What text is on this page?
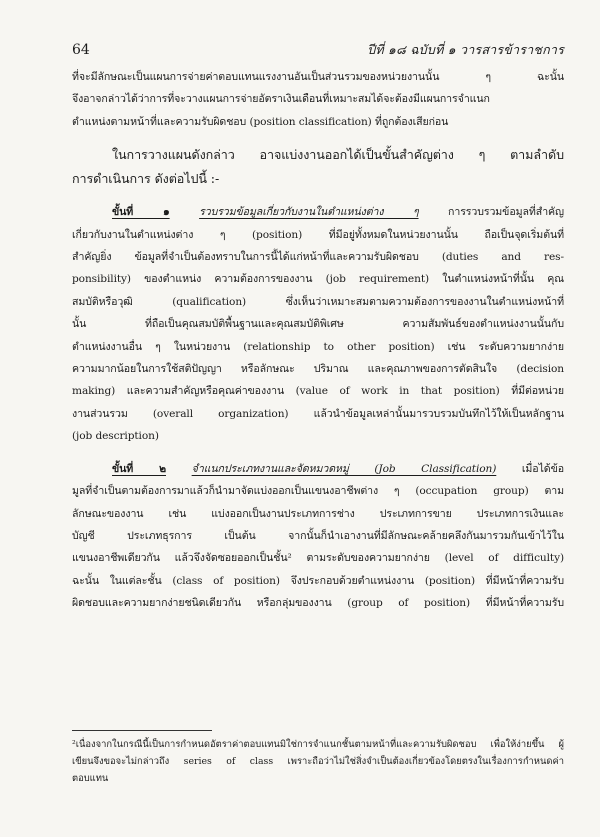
64	ปีที่ ๑๘ ฉบับที่ ๑ วารสารข้าราชการ
ที่จะมีลักษณะเป็นแผนการจ่ายค่าตอบแทนแรงงานอันเป็นส่วนรวมของหน่วยงานนั้น ๆ ฉะนั้น
จึงอาจกล่าวได้ว่าการที่จะวางแผนการจ่ายอัตราเงินเดือนที่เหมาะสมได้จะต้องมีแผนการจำแนก
ตำแหน่งตามหน้าที่และความรับผิดชอบ (position classification) ที่ถูกต้องเสียก่อน
ในการวางแผนดังกล่าว อาจแบ่งงานออกได้เป็นขั้นสำคัญต่าง ๆ ตามลำดับ
การดำเนินการ ดังต่อไปนี้ :-
ขั้นที่ ๑	รวบรวมข้อมูลเกี่ยวกับงานในตำแหน่งต่าง ๆ	การรวบรวมข้อมูลที่สำคัญ
เกี่ยวกับงานในตำแหน่งต่าง ๆ (position) ที่มีอยู่ทั้งหมดในหน่วยงานนั้น ถือเป็นจุดเริ่มต้นที่
สำคัญยิ่ง ข้อมูลที่จำเป็นต้องทราบในการนี้ได้แก่หน้าที่และความรับผิดชอบ (duties and res-
ponsibility) ของตำแหน่ง ความต้องการของงาน (job requirement) ในตำแหน่งหน้าที่นั้น คุณ
สมบัติหรือวุฒิ (qualification) ซึ่งเห็นว่าเหมาะสมตามความต้องการของงานในตำแหน่งหน้าที่
นั้น ที่ถือเป็นคุณสมบัติพื้นฐานและคุณสมบัติพิเศษ ความสัมพันธ์ของตำแหน่งงานนั้นกับ
ตำแหน่งงานอื่น ๆ ในหน่วยงาน (relationship to other position) เช่น ระดับความยากง่าย
ความมากน้อยในการใช้สติปัญญา หรือลักษณะ ปริมาณ และคุณภาพของการตัดสินใจ (decision
making) และความสำคัญหรือคุณค่าของงาน (value of work in that position) ที่มีต่อหน่วย
งานส่วนรวม (overall organization) แล้วนำข้อมูลเหล่านั้นมารวบรวมบันทึกไว้ให้เป็นหลักฐาน
(job description)
ขั้นที่ ๒ จำแนกประเภทงานและจัดหมวดหมู่ (Job Classification) เมื่อได้ข้อ
มูลที่จำเป็นตามต้องการมาแล้วก็นำมาจัดแบ่งออกเป็นแขนงอาชีพต่าง ๆ (occupation group) ตาม
ลักษณะของงาน เช่น แบ่งออกเป็นงานประเภทการช่าง ประเภทการขาย ประเภทการเงินและ
บัญชี ประเภทธุรการ เป็นต้น จากนั้นก็นำเอางานที่มีลักษณะคล้ายคลึงกันมารวมกันเข้าไว้ใน
แขนงอาชีพเดียวกัน แล้วจึงจัดซอยออกเป็นชั้น² ตามระดับของความยากง่าย (level of difficulty)
ฉะนั้น ในแต่ละชั้น (class of position) จึงประกอบด้วยตำแหน่งงาน (position) ที่มีหน้าที่ความรับ
ผิดชอบและความยากง่ายชนิดเดียวกัน หรือกลุ่มของงาน (group of position) ที่มีหน้าที่ความรับ
²เนื่องจากในกรณีนี้เป็นการกำหนดอัตราค่าตอบแทนมิใช่การจำแนกชั้นตามหน้าที่และความรับผิดชอบ เพื่อให้ง่ายขึ้น ผู้
เขียนจึงขอจะไม่กล่าวถึง series of class เพราะถือว่าไม่ใช่สิ่งจำเป็นต้องเกี่ยวข้องโดยตรงในเรื่องการกำหนดค่า
ตอบแทน
